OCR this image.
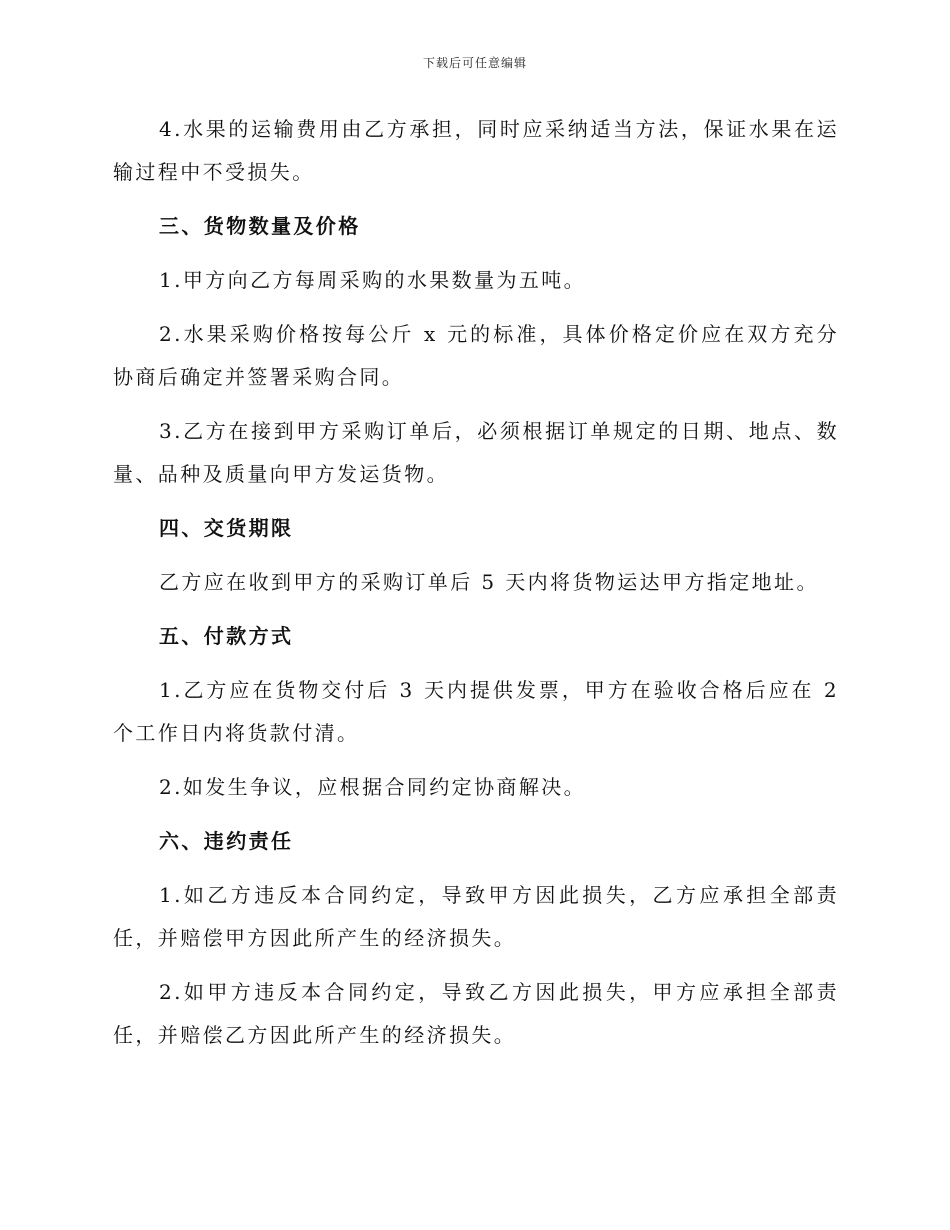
下载后可任意编辑

4.水果的运输费用由乙方承担，同时应采纳适当方法，保证水果在运输过程中不受损失。

三、货物数量及价格

1.甲方向乙方每周采购的水果数量为五吨。

2.水果采购价格按每公斤 x 元的标准，具体价格定价应在双方充分协商后确定并签署采购合同。

3.乙方在接到甲方采购订单后，必须根据订单规定的日期、地点、数量、品种及质量向甲方发运货物。

四、交货期限

乙方应在收到甲方的采购订单后 5 天内将货物运达甲方指定地址。

五、付款方式

1.乙方应在货物交付后 3 天内提供发票，甲方在验收合格后应在 2 个工作日内将货款付清。

2.如发生争议，应根据合同约定协商解决。

六、违约责任

1.如乙方违反本合同约定，导致甲方因此损失，乙方应承担全部责任，并赔偿甲方因此所产生的经济损失。

2.如甲方违反本合同约定，导致乙方因此损失，甲方应承担全部责任，并赔偿乙方因此所产生的经济损失。
